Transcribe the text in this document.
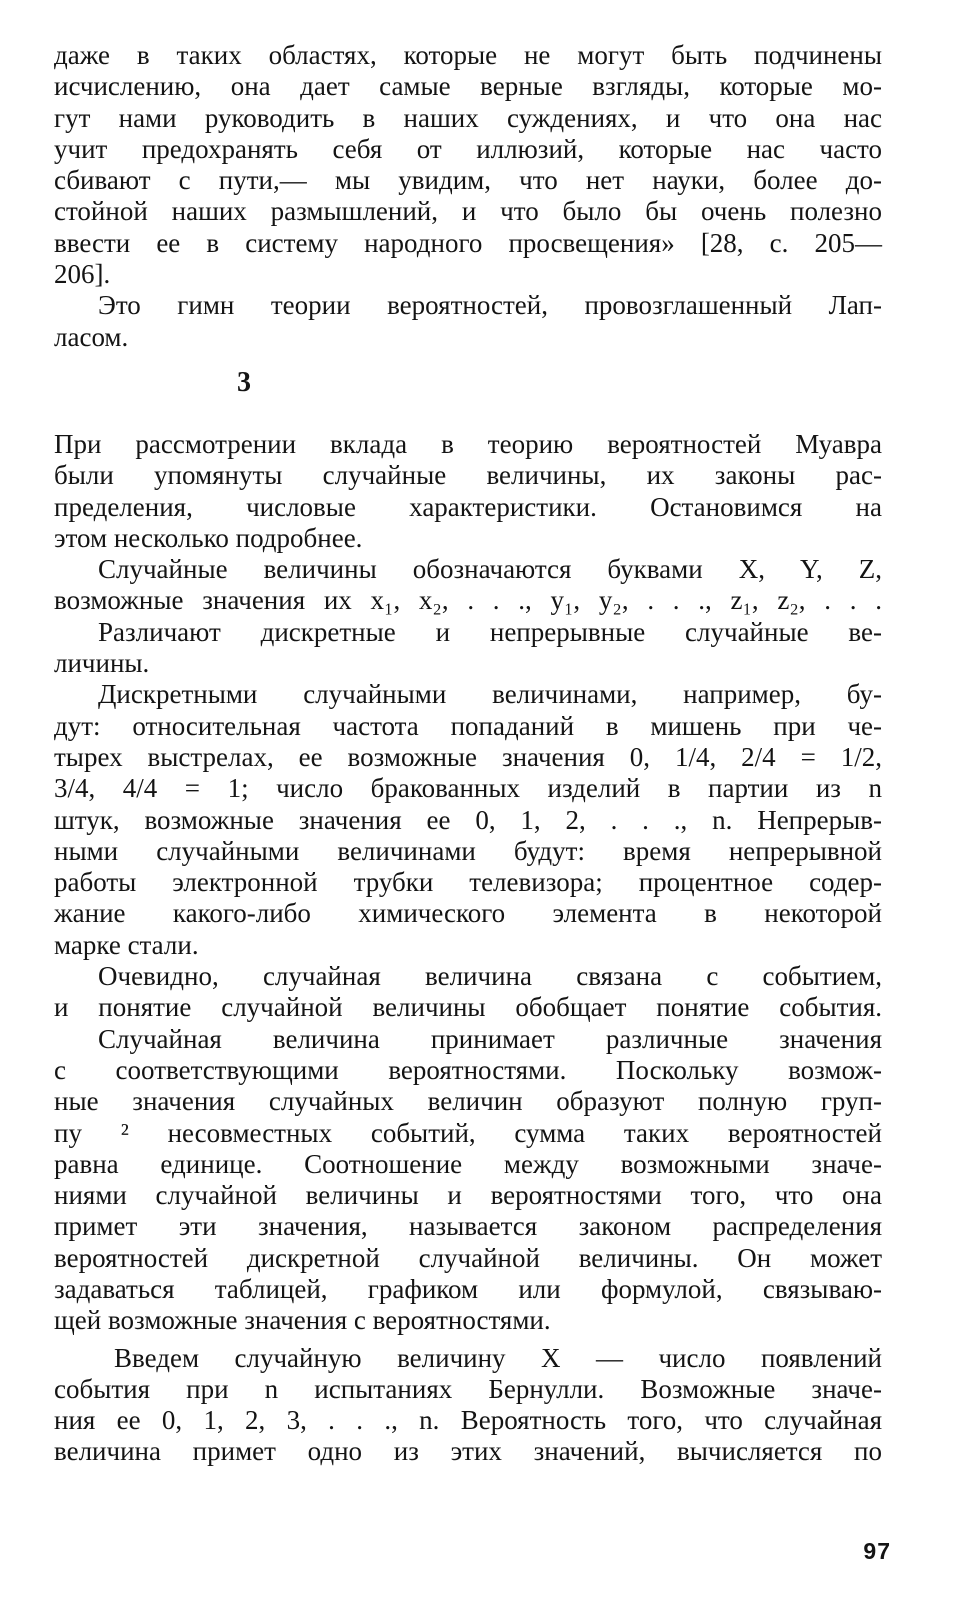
даже в таких областях, которые не могут быть подчинены
исчислению, она дает самые верные взгляды, которые мо-
гут нами руководить в наших суждениях, и что она нас
учит предохранять себя от иллюзий, которые нас часто
сбивают с пути,— мы увидим, что нет науки, более до-
стойной наших размышлений, и что было бы очень полезно
ввести ее в систему народного просвещения» [28, с. 205—
206].
Это гимн теории вероятностей, провозглашенный Лап-
ласом.
3
При рассмотрении вклада в теорию вероятностей Муавра
были упомянуты случайные величины, их законы рас-
пределения, числовые характеристики. Остановимся на
этом несколько подробнее.
Случайные величины обозначаются буквами X, Y, Z,
возможные значения их x₁, x₂, . . ., y₁, y₂, . . ., z₁, z₂, . . .
Различают дискретные и непрерывные случайные ве-
личины.
Дискретными случайными величинами, например, бу-
дут: относительная частота попаданий в мишень при че-
тырех выстрелах, ее возможные значения 0, 1/4, 2/4 = 1/2,
3/4, 4/4 = 1; число бракованных изделий в партии из n
штук, возможные значения ее 0, 1, 2, . . ., n. Непрерыв-
ными случайными величинами будут: время непрерывной
работы электронной трубки телевизора; процентное содер-
жание какого-либо химического элемента в некоторой
марке стали.
Очевидно, случайная величина связана с событием,
и понятие случайной величины обобщает понятие события.
Случайная величина принимает различные значения
с соответствующими вероятностями. Поскольку возмож-
ные значения случайных величин образуют полную груп-
пу ² несовместных событий, сумма таких вероятностей
равна единице. Соотношение между возможными значе-
ниями случайной величины и вероятностями того, что она
примет эти значения, называется законом распределения
вероятностей дискретной случайной величины. Он может
задаваться таблицей, графиком или формулой, связываю-
щей возможные значения с вероятностями.
Введем случайную величину X — число появлений
события при n испытаниях Бернулли. Возможные значе-
ния ее 0, 1, 2, 3, . . ., n. Вероятность того, что случайная
величина примет одно из этих значений, вычисляется по
97
